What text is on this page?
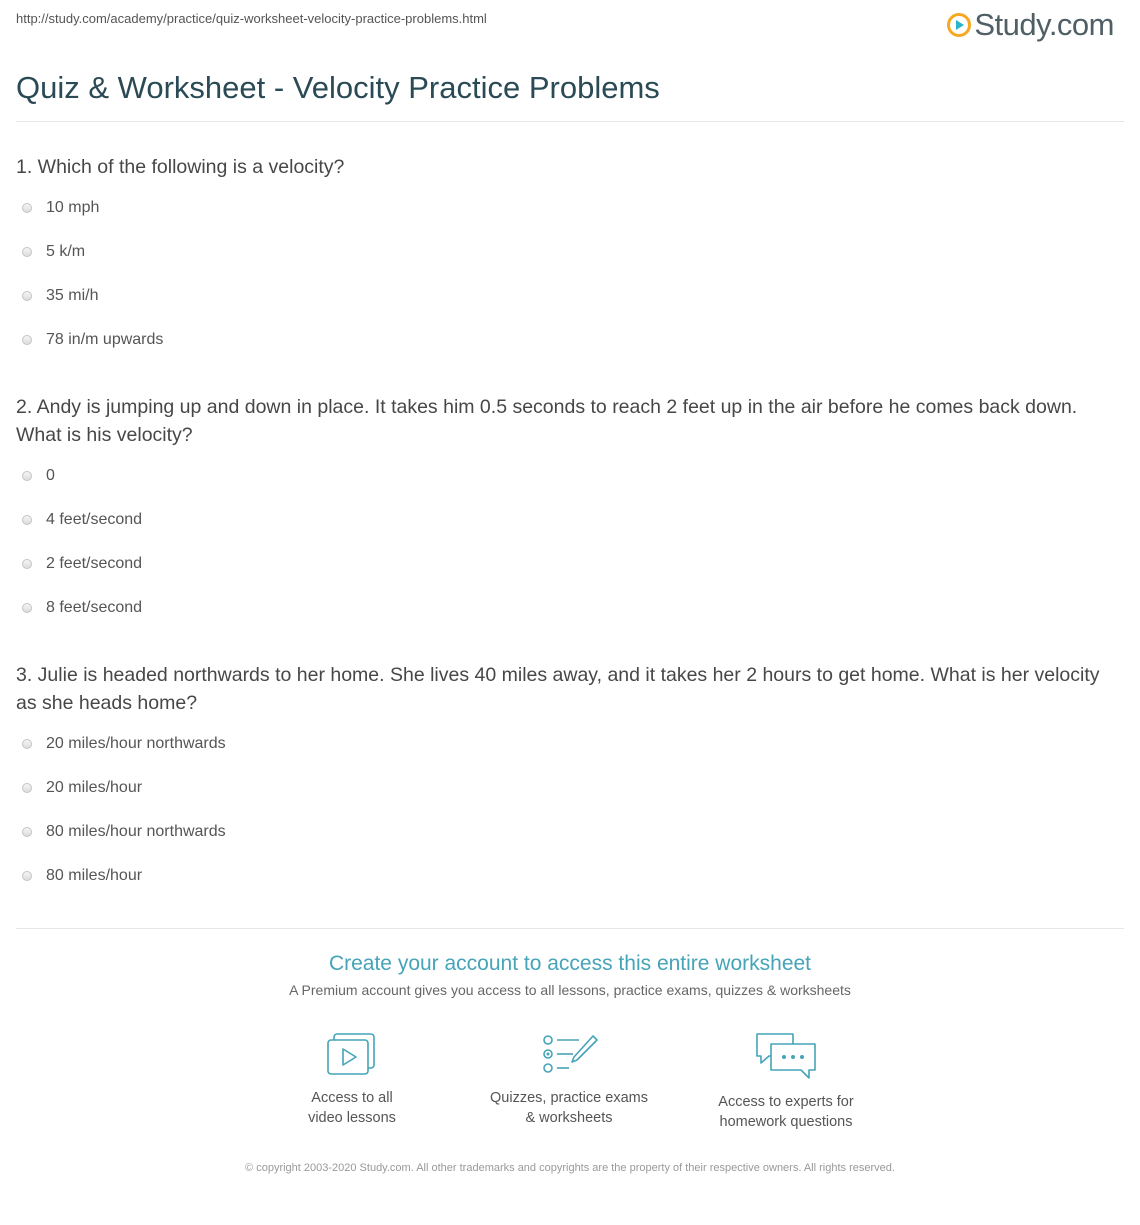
http://study.com/academy/practice/quiz-worksheet-velocity-practice-problems.html	Study.com
Quiz & Worksheet - Velocity Practice Problems
1. Which of the following is a velocity?
10 mph
5 k/m
35 mi/h
78 in/m upwards
2. Andy is jumping up and down in place. It takes him 0.5 seconds to reach 2 feet up in the air before he comes back down. What is his velocity?
0
4 feet/second
2 feet/second
8 feet/second
3. Julie is headed northwards to her home. She lives 40 miles away, and it takes her 2 hours to get home. What is her velocity as she heads home?
20 miles/hour northwards
20 miles/hour
80 miles/hour northwards
80 miles/hour
Create your account to access this entire worksheet
A Premium account gives you access to all lessons, practice exams, quizzes & worksheets
Access to all
video lessons
Quizzes, practice exams
& worksheets
Access to experts for
homework questions
© copyright 2003-2020 Study.com. All other trademarks and copyrights are the property of their respective owners. All rights reserved.
